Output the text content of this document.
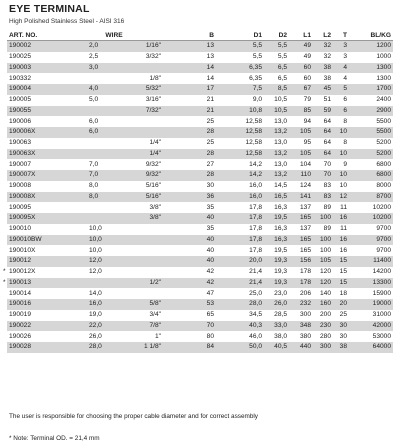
EYE TERMINAL
High Polished Stainless Steel - AISI 316
ART. NO.	WIRE		B	D1	D2	L1	L2	T	BL/KG
190002	2,0	1/16"	13	5,5	5,5	49	32	3	1200
190025	2,5	3/32"	13	5,5	5,5	49	32	3	1000
190003	3,0		14	6,35	6,5	60	38	4	1300
190332		1/8"	14	6,35	6,5	60	38	4	1300
190004	4,0	5/32"	17	7,5	8,5	67	45	5	1700
190005	5,0	3/16"	21	9,0	10,5	79	51	6	2400
190055		7/32"	21	10,8	10,5	85	59	6	2900
190006	6,0		25	12,58	13,0	94	64	8	5500
190006X	6,0		28	12,58	13,2	105	64	10	5500
190063		1/4"	25	12,58	13,0	95	64	8	5200
190063X		1/4"	28	12,58	13,2	105	64	10	5200
190007	7,0	9/32"	27	14,2	13,0	104	70	9	6800
190007X	7,0	9/32"	28	14,2	13,2	110	70	10	6800
190008	8,0	5/16"	30	16,0	14,5	124	83	10	8000
190008X	8,0	5/16"	36	16,0	16,5	141	83	12	8700
190095		3/8"	35	17,8	16,3	137	89	11	10200
190095X		3/8"	40	17,8	19,5	165	100	16	10200
190010	10,0		35	17,8	16,3	137	89	11	9700
190010BW	10,0		40	17,8	16,3	165	100	16	9700
190010X	10,0		40	17,8	19,5	165	100	16	9700
190012	12,0		40	20,0	19,3	156	105	15	11400
* 190012X	12,0		42	21,4	19,3	178	120	15	14200
* 190013		1/2"	42	21,4	19,3	178	120	15	13300
190014	14,0		47	25,0	23,0	206	140	18	15900
190016	16,0	5/8"	53	28,0	26,0	232	160	20	19000
190019	19,0	3/4"	65	34,5	28,5	300	200	25	31000
190022	22,0	7/8"	70	40,3	33,0	348	230	30	42000
190026	26,0	1"	80	46,0	38,0	380	280	30	53000
190028	28,0	1 1/8"	84	50,0	40,5	440	300	38	64000
The user is responsible for choosing the proper cable diameter and for correct assembly
* Note: Terminal OD. = 21,4 mm
